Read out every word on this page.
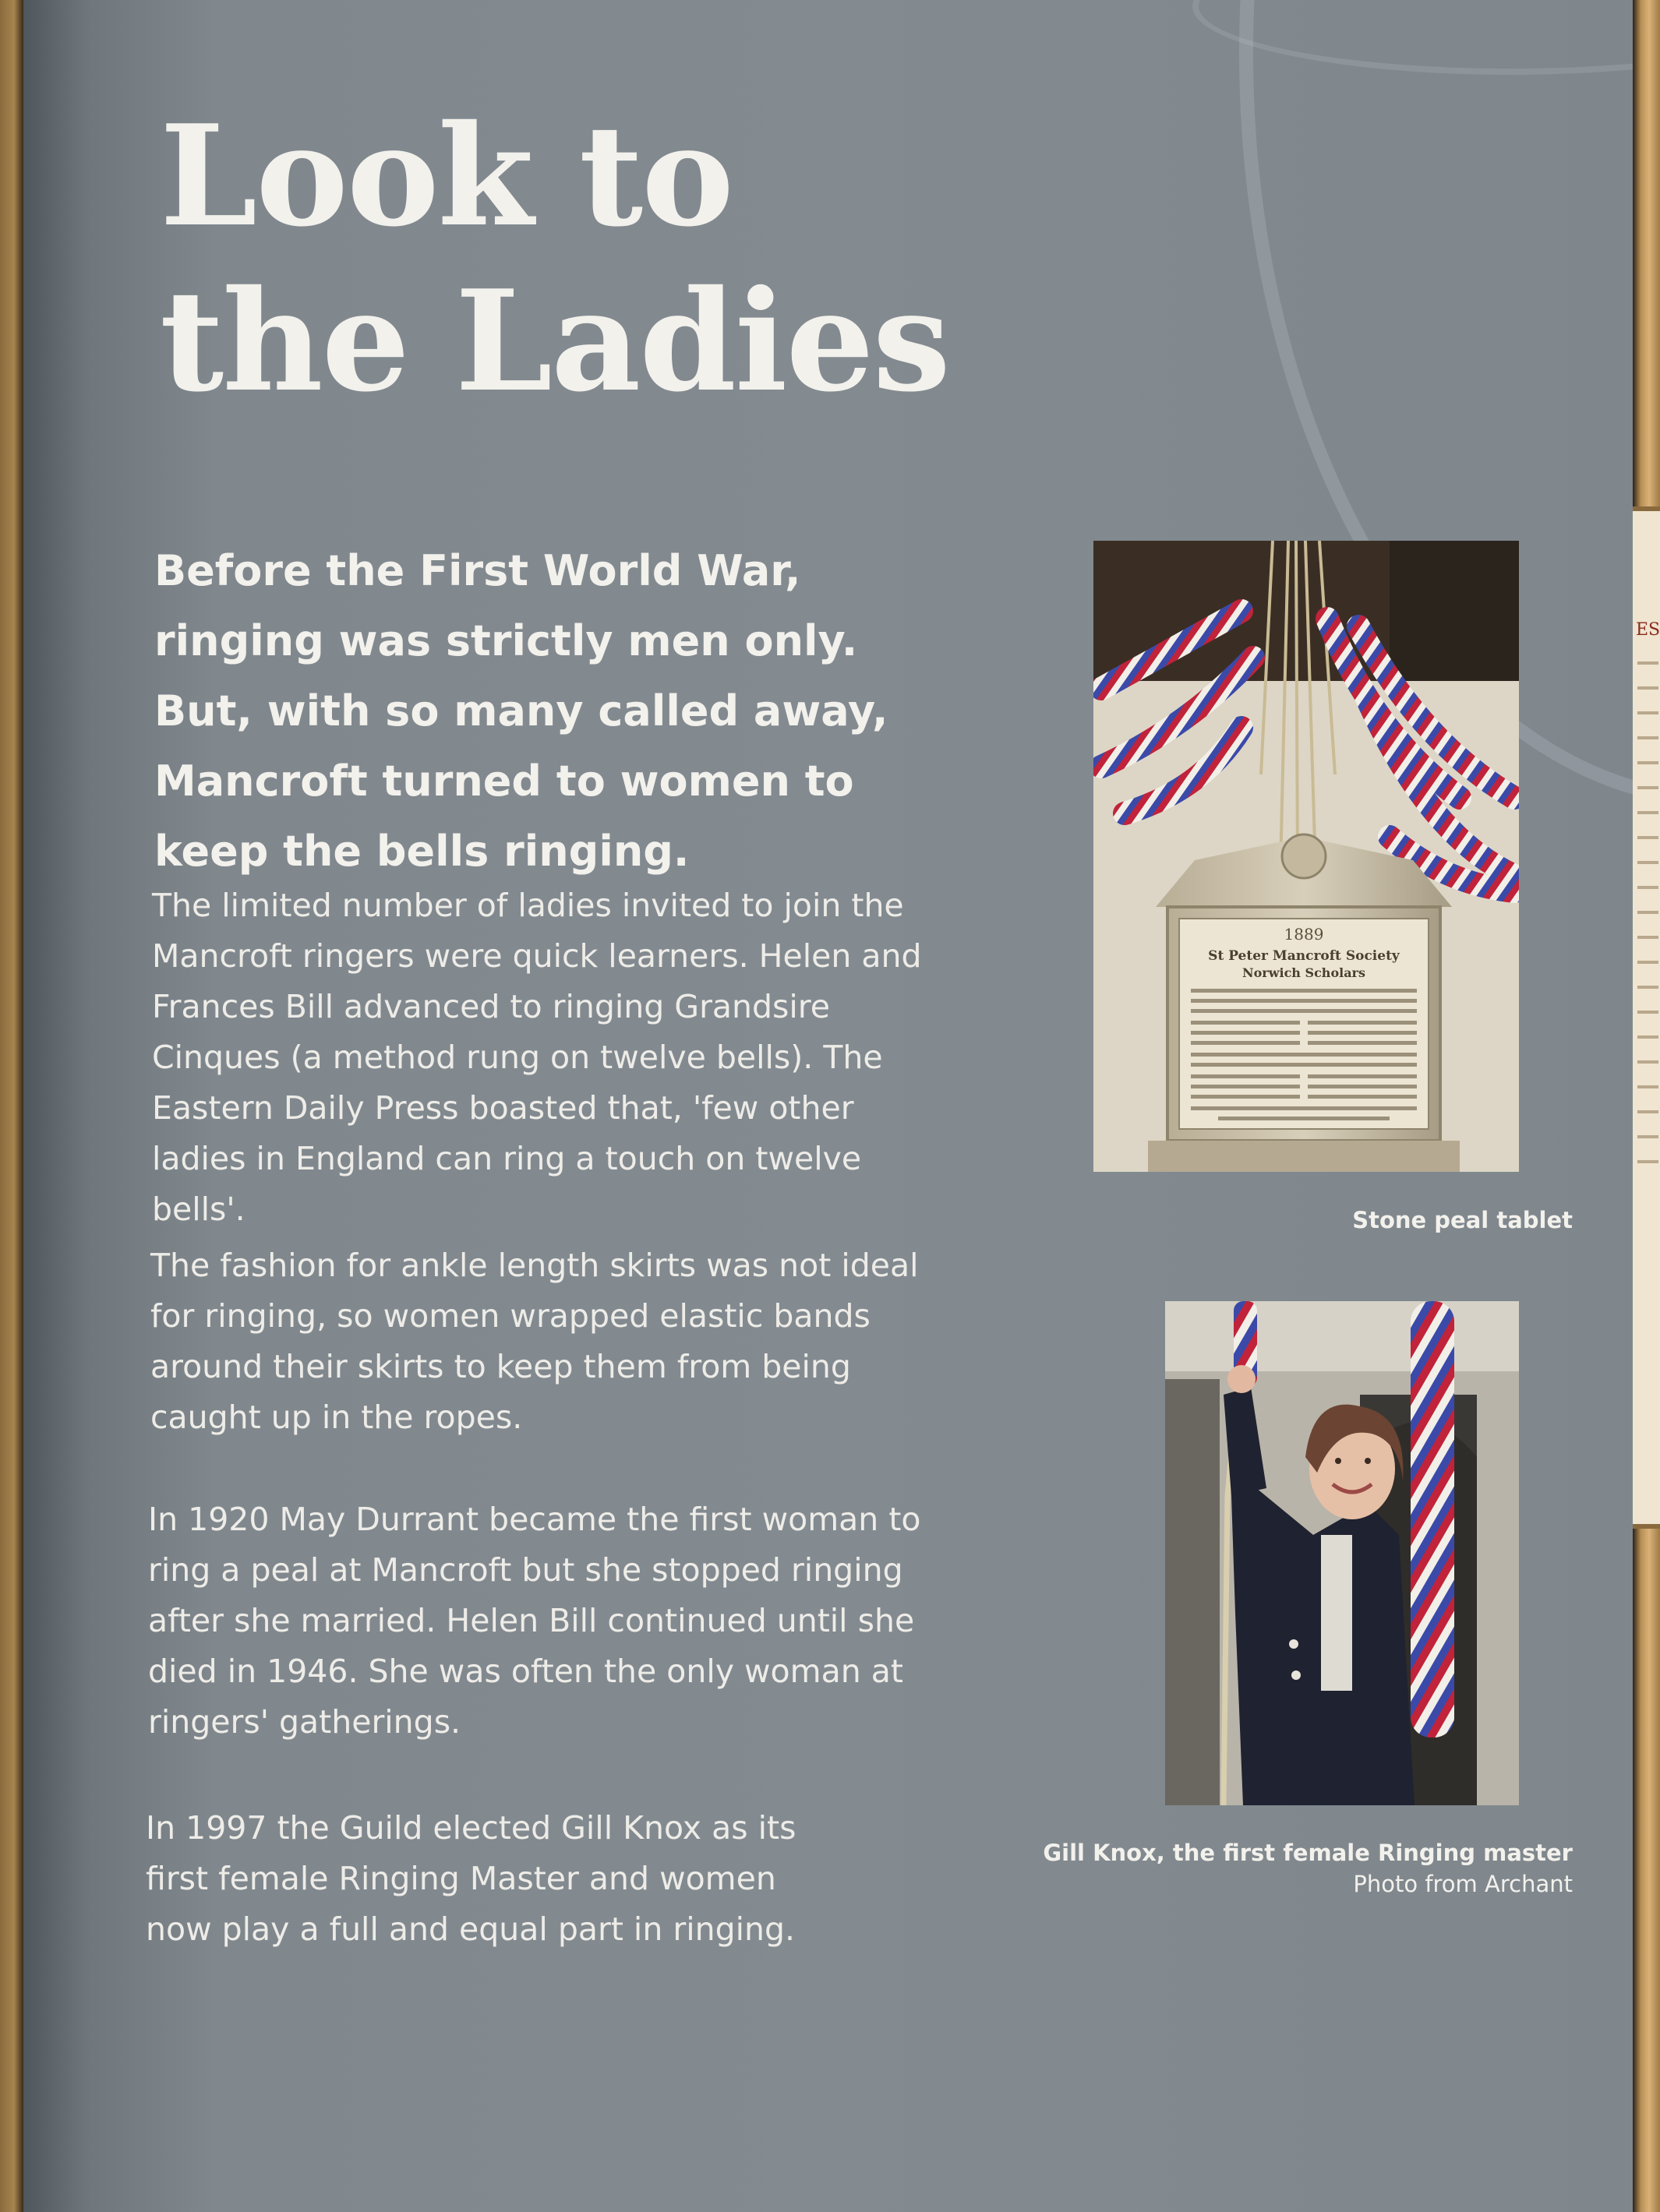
Look to
the Ladies

Before the First World War, ringing was strictly men only. But, with so many called away, Mancroft turned to women to keep the bells ringing.

The limited number of ladies invited to join the Mancroft ringers were quick learners. Helen and Frances Bill advanced to ringing Grandsire Cinques (a method rung on twelve bells). The Eastern Daily Press boasted that, 'few other ladies in England can ring a touch on twelve bells'.

The fashion for ankle length skirts was not ideal for ringing, so women wrapped elastic bands around their skirts to keep them from being caught up in the ropes.

In 1920 May Durrant became the first woman to ring a peal at Mancroft but she stopped ringing after she married. Helen Bill continued until she died in 1946. She was often the only woman at ringers' gatherings.

In 1997 the Guild elected Gill Knox as its first female Ringing Master and women now play a full and equal part in ringing.

1889
St Peter Mancroft Society
Norwich Scholars

Stone peal tablet

Gill Knox, the first female Ringing master
Photo from Archant

ES
